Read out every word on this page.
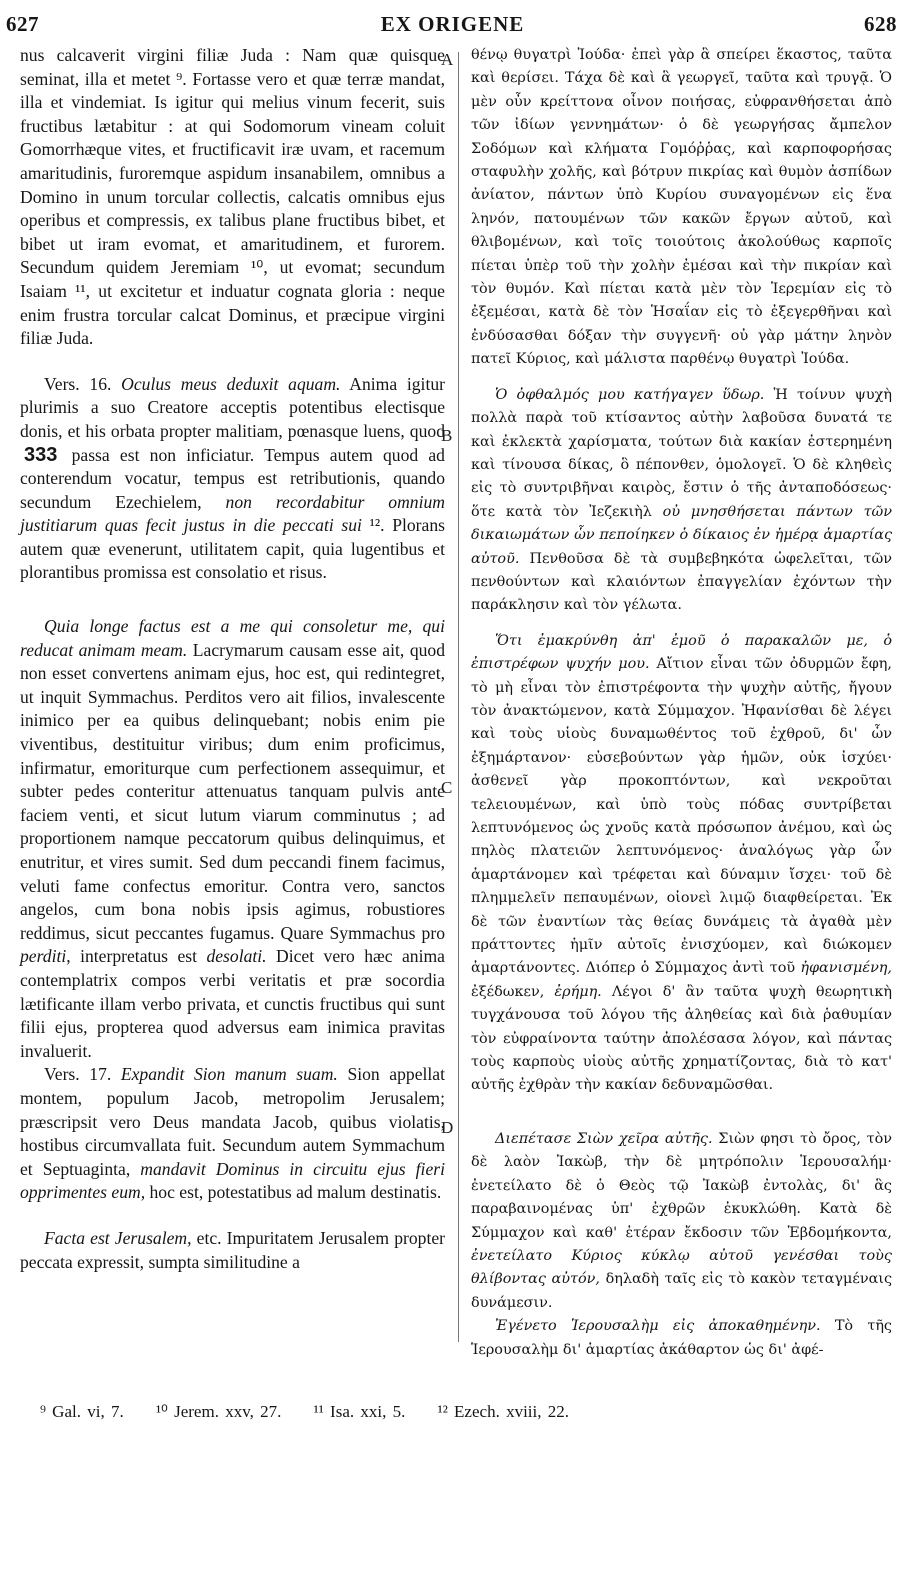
627	EX ORIGENE	628
A
B
C
D

nus calcaverit virgini filiæ Juda : Nam quæ quisque seminat, illa et metet ⁹. Fortasse vero et quæ terræ mandat, illa et vindemiat. Is igitur qui melius vinum fecerit, suis fructibus lætabitur : at qui Sodomorum vineam coluit Gomorrhæque vites, et fructificavit iræ uvam, et racemum amaritudinis, furoremque aspidum insanabilem, omnibus a Domino in unum torcular collectis, calcatis omnibus ejus operibus et compressis, ex talibus plane fructibus bibet, et bibet ut iram evomat, et amaritudinem, et furorem. Secundum quidem Jeremiam ¹⁰, ut evomat; secundum Isaiam ¹¹, ut excitetur et induatur cognata gloria : neque enim frustra torcular calcat Dominus, et præcipue virgini filiæ Juda.

Vers. 16. Oculus meus deduxit aquam. Anima igitur plurimis a suo Creatore acceptis potentibus electisque donis, et his orbata propter malitiam, pœnasque luens, quod 333 passa est non inficiatur. Tempus autem quod ad conterendum vocatur, tempus est retributionis, quando secundum Ezechielem, non recordabitur omnium justitiarum quas fecit justus in die peccati sui ¹². Plorans autem quæ evenerunt, utilitatem capit, quia lugentibus et plorantibus promissa est consolatio et risus.

Quia longe factus est a me qui consoletur me, qui reducat animam meam. Lacrymarum causam esse ait, quod non esset convertens animam ejus, hoc est, qui redintegret, ut inquit Symmachus. Perditos vero ait filios, invalescente inimico per ea quibus delinquebant; nobis enim pie viventibus, destituitur viribus; dum enim proficimus, infirmatur, emoriturque cum perfectionem assequimur, et subter pedes conteritur attenuatus tanquam pulvis ante faciem venti, et sicut lutum viarum comminutus ; ad proportionem namque peccatorum quibus delinquimus, et enutritur, et vires sumit. Sed dum peccandi finem facimus, veluti fame confectus emoritur. Contra vero, sanctos angelos, cum bona nobis ipsis agimus, robustiores reddimus, sicut peccantes fugamus. Quare Symmachus pro perditi, interpretatus est desolati. Dicet vero hæc anima contemplatrix compos verbi veritatis et præ socordia lætificante illam verbo privata, et cunctis fructibus qui sunt filii ejus, propterea quod adversus eam inimica pravitas invaluerit.

Vers. 17. Expandit Sion manum suam. Sion appellat montem, populum Jacob, metropolim Jerusalem; præscripsit vero Deus mandata Jacob, quibus violatis, hostibus circumvallata fuit. Secundum autem Symmachum et Septuaginta, mandavit Dominus in circuitu ejus fieri opprimentes eum, hoc est, potestatibus ad malum destinatis.

Facta est Jerusalem, etc. Impuritatem Jerusalem propter peccata expressit, sumpta similitudine a

θένῳ θυγατρὶ Ἰούδα· ἐπεὶ γὰρ ἃ σπείρει ἕκαστος, ταῦτα καὶ θερίσει. Τάχα δὲ καὶ ἃ γεωργεῖ, ταῦτα καὶ τρυγᾷ. Ὁ μὲν οὖν κρείττονα οἶνον ποιήσας, εὐφρανθήσεται ἀπὸ τῶν ἰδίων γεννημάτων· ὁ δὲ γεωργήσας ἄμπελον Σοδόμων καὶ κλήματα Γομόῤῥας, καὶ καρποφορήσας σταφυλὴν χολῆς, καὶ βότρυν πικρίας καὶ θυμὸν ἀσπίδων ἀνίατον, πάντων ὑπὸ Κυρίου συναγομένων εἰς ἕνα ληνόν, πατουμένων τῶν κακῶν ἔργων αὐτοῦ, καὶ θλιβομένων, καὶ τοῖς τοιούτοις ἀκολούθως καρποῖς πίεται ὑπὲρ τοῦ τὴν χολὴν ἐμέσαι καὶ τὴν πικρίαν καὶ τὸν θυμόν. Καὶ πίεται κατὰ μὲν τὸν Ἱερεμίαν εἰς τὸ ἐξεμέσαι, κατὰ δὲ τὸν Ἡσαΐαν εἰς τὸ ἐξεγερθῆναι καὶ ἐνδύσασθαι δόξαν τὴν συγγενῆ· οὐ γὰρ μάτην ληνὸν πατεῖ Κύριος, καὶ μάλιστα παρθένῳ θυγατρὶ Ἰούδα.

Ὁ ὀφθαλμός μου κατήγαγεν ὕδωρ. Ἡ τοίνυν ψυχὴ πολλὰ παρὰ τοῦ κτίσαντος αὐτὴν λαβοῦσα δυνατά τε καὶ ἐκλεκτὰ χαρίσματα, τούτων διὰ κακίαν ἐστερημένη καὶ τίνουσα δίκας, ὃ πέπονθεν, ὁμολογεῖ. Ὁ δὲ κληθεὶς εἰς τὸ συντριβῆναι καιρὸς, ἔστιν ὁ τῆς ἀνταποδόσεως· ὅτε κατὰ τὸν Ἰεζεκιὴλ οὐ μνησθήσεται πάντων τῶν δικαιωμάτων ὧν πεποίηκεν ὁ δίκαιος ἐν ἡμέρᾳ ἁμαρτίας αὐτοῦ. Πενθοῦσα δὲ τὰ συμβεβηκότα ὠφελεῖται, τῶν πενθούντων καὶ κλαιόντων ἐπαγγελίαν ἐχόντων τὴν παράκλησιν καὶ τὸν γέλωτα.

Ὅτι ἐμακρύνθη ἀπ' ἐμοῦ ὁ παρακαλῶν με, ὁ ἐπιστρέφων ψυχήν μου. Αἴτιον εἶναι τῶν ὀδυρμῶν ἔφη, τὸ μὴ εἶναι τὸν ἐπιστρέφοντα τὴν ψυχὴν αὐτῆς, ἤγουν τὸν ἀνακτώμενον, κατὰ Σύμμαχον. Ἠφανίσθαι δὲ λέγει καὶ τοὺς υἱοὺς δυναμωθέντος τοῦ ἐχθροῦ, δι' ὧν ἐξημάρτανον· εὐσεβούντων γὰρ ἡμῶν, οὐκ ἰσχύει· ἀσθενεῖ γὰρ προκοπτόντων, καὶ νεκροῦται τελειουμένων, καὶ ὑπὸ τοὺς πόδας συντρίβεται λεπτυνόμενος ὡς χνοῦς κατὰ πρόσωπον ἀνέμου, καὶ ὡς πηλὸς πλατειῶν λεπτυνόμενος· ἀναλόγως γὰρ ὧν ἁμαρτάνομεν καὶ τρέφεται καὶ δύναμιν ἴσχει· τοῦ δὲ πλημμελεῖν πεπαυμένων, οἱονεὶ λιμῷ διαφθείρεται. Ἐκ δὲ τῶν ἐναντίων τὰς θείας δυνάμεις τὰ ἀγαθὰ μὲν πράττοντες ἡμῖν αὐτοῖς ἐνισχύομεν, καὶ διώκομεν ἁμαρτάνοντες. Διόπερ ὁ Σύμμαχος ἀντὶ τοῦ ἠφανισμένη, ἐξέδωκεν, ἐρήμη. Λέγοι δ' ἂν ταῦτα ψυχὴ θεωρητικὴ τυγχάνουσα τοῦ λόγου τῆς ἀληθείας καὶ διὰ ῥαθυμίαν τὸν εὐφραίνοντα ταύτην ἀπολέσασα λόγον, καὶ πάντας τοὺς καρποὺς υἱοὺς αὐτῆς χρηματίζοντας, διὰ τὸ κατ' αὐτῆς ἐχθρὰν τὴν κακίαν δεδυναμῶσθαι.

Διεπέτασε Σιὼν χεῖρα αὐτῆς. Σιὼν φησι τὸ ὄρος, τὸν δὲ λαὸν Ἰακὼβ, τὴν δὲ μητρόπολιν Ἱερουσαλήμ· ἐνετείλατο δὲ ὁ Θεὸς τῷ Ἰακὼβ ἐντολὰς, δι' ἃς παραβαινομένας ὑπ' ἐχθρῶν ἐκυκλώθη. Κατὰ δὲ Σύμμαχον καὶ καθ' ἑτέραν ἔκδοσιν τῶν Ἑβδομήκοντα, ἐνετείλατο Κύριος κύκλῳ αὐτοῦ γενέσθαι τοὺς θλίβοντας αὐτόν, δηλαδὴ ταῖς εἰς τὸ κακὸν τεταγμέναις δυνάμεσιν.

Ἐγένετο Ἱερουσαλὴμ εἰς ἀποκαθημένην. Τὸ τῆς Ἱερουσαλὴμ δι' ἁμαρτίας ἀκάθαρτον ὡς δι' ἀφέ-

⁹ Gal. vi, 7. ¹⁰ Jerem. xxv, 27. ¹¹ Isa. xxi, 5. ¹² Ezech. xviii, 22.
